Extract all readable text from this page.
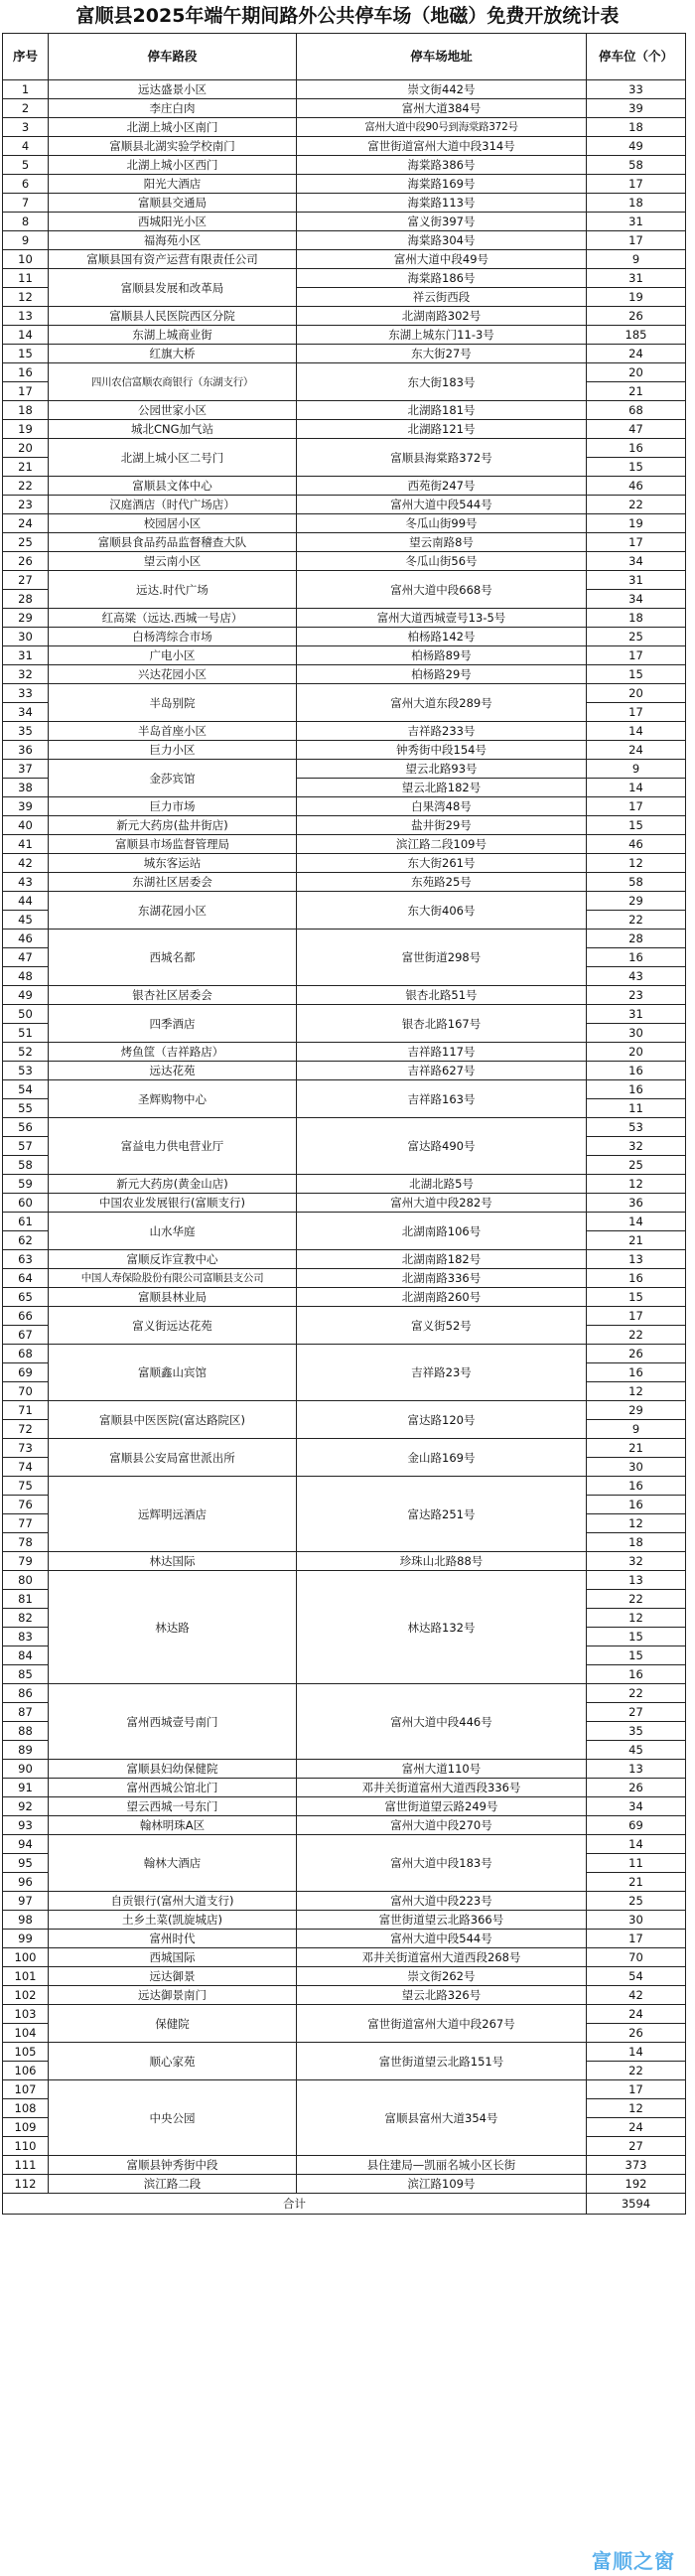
富顺县2025年端午期间路外公共停车场（地磁）免费开放统计表
序号	停车路段	停车场地址	停车位（个）
1	远达盛景小区	崇文街442号	33
2	李庄白肉	富州大道384号	39
3	北湖上城小区南门	富州大道中段90号到海棠路372号	18
4	富顺县北湖实验学校南门	富世街道富州大道中段314号	49
5	北湖上城小区西门	海棠路386号	58
6	阳光大酒店	海棠路169号	17
7	富顺县交通局	海棠路113号	18
8	西城阳光小区	富义街397号	31
9	福海苑小区	海棠路304号	17
10	富顺县国有资产运营有限责任公司	富州大道中段49号	9
11	富顺县发展和改革局	海棠路186号	31
12		祥云街西段	19
13	富顺县人民医院西区分院	北湖南路302号	26
14	东湖上城商业街	东湖上城东门11-3号	185
15	红旗大桥	东大街27号	24
16	四川农信富顺农商银行（东湖支行）	东大街183号	20
17			21
18	公园世家小区	北湖路181号	68
19	城北CNG加气站	北湖路121号	47
20	北湖上城小区二号门	富顺县海棠路372号	16
21			15
22	富顺县文体中心	西苑街247号	46
23	汉庭酒店（时代广场店）	富州大道中段544号	22
24	校园居小区	冬瓜山街99号	19
25	富顺县食品药品监督稽查大队	望云南路8号	17
26	望云南小区	冬瓜山街56号	34
27	远达.时代广场	富州大道中段668号	31
28			34
29	红高粱（远达.西城一号店）	富州大道西城壹号13-5号	18
30	白杨湾综合市场	柏杨路142号	25
31	广电小区	柏杨路89号	17
32	兴达花园小区	柏杨路29号	15
33	半岛别院	富州大道东段289号	20
34			17
35	半岛首座小区	吉祥路233号	14
36	巨力小区	钟秀街中段154号	24
37	金莎宾馆	望云北路93号	9
38		望云北路182号	14
39	巨力市场	白果湾48号	17
40	新元大药房(盐井街店)	盐井街29号	15
41	富顺县市场监督管理局	滨江路二段109号	46
42	城东客运站	东大街261号	12
43	东湖社区居委会	东苑路25号	58
44	东湖花园小区	东大街406号	29
45			22
46	西城名都	富世街道298号	28
47			16
48			43
49	银杏社区居委会	银杏北路51号	23
50	四季酒店	银杏北路167号	31
51			30
52	烤鱼筐（吉祥路店）	吉祥路117号	20
53	远达花苑	吉祥路627号	16
54	圣辉购物中心	吉祥路163号	16
55			11
56	富益电力供电营业厅	富达路490号	53
57			32
58			25
59	新元大药房(黄金山店)	北湖北路5号	12
60	中国农业发展银行(富顺支行)	富州大道中段282号	36
61	山水华庭	北湖南路106号	14
62			21
63	富顺反诈宣教中心	北湖南路182号	13
64	中国人寿保险股份有限公司富顺县支公司	北湖南路336号	16
65	富顺县林业局	北湖南路260号	15
66	富义街远达花苑	富义街52号	17
67			22
68	富顺鑫山宾馆	吉祥路23号	26
69			16
70			12
71	富顺县中医医院(富达路院区)	富达路120号	29
72			9
73	富顺县公安局富世派出所	金山路169号	21
74			30
75	远辉明远酒店	富达路251号	16
76			16
77			12
78			18
79	林达国际	珍珠山北路88号	32
80	林达路	林达路132号	13
81			22
82			12
83			15
84			15
85			16
86	富州西城壹号南门	富州大道中段446号	22
87			27
88			35
89			45
90	富顺县妇幼保健院	富州大道110号	13
91	富州西城公馆北门	邓井关街道富州大道西段336号	26
92	望云西城一号东门	富世街道望云路249号	34
93	翰林明珠A区	富州大道中段270号	69
94	翰林大酒店	富州大道中段183号	14
95			11
96			21
97	自贡银行(富州大道支行)	富州大道中段223号	25
98	土乡土菜(凯旋城店)	富世街道望云北路366号	30
99	富州时代	富州大道中段544号	17
100	西城国际	邓井关街道富州大道西段268号	70
101	远达御景	崇文街262号	54
102	远达御景南门	望云北路326号	42
103	保健院	富世街道富州大道中段267号	24
104			26
105	顺心家苑	富世街道望云北路151号	14
106			22
107	中央公园	富顺县富州大道354号	17
108			12
109			24
110			27
111	富顺县钟秀街中段	县住建局—凯丽名城小区长街	373
112	滨江路二段	滨江路109号	192
合计			3594
富顺之窗
